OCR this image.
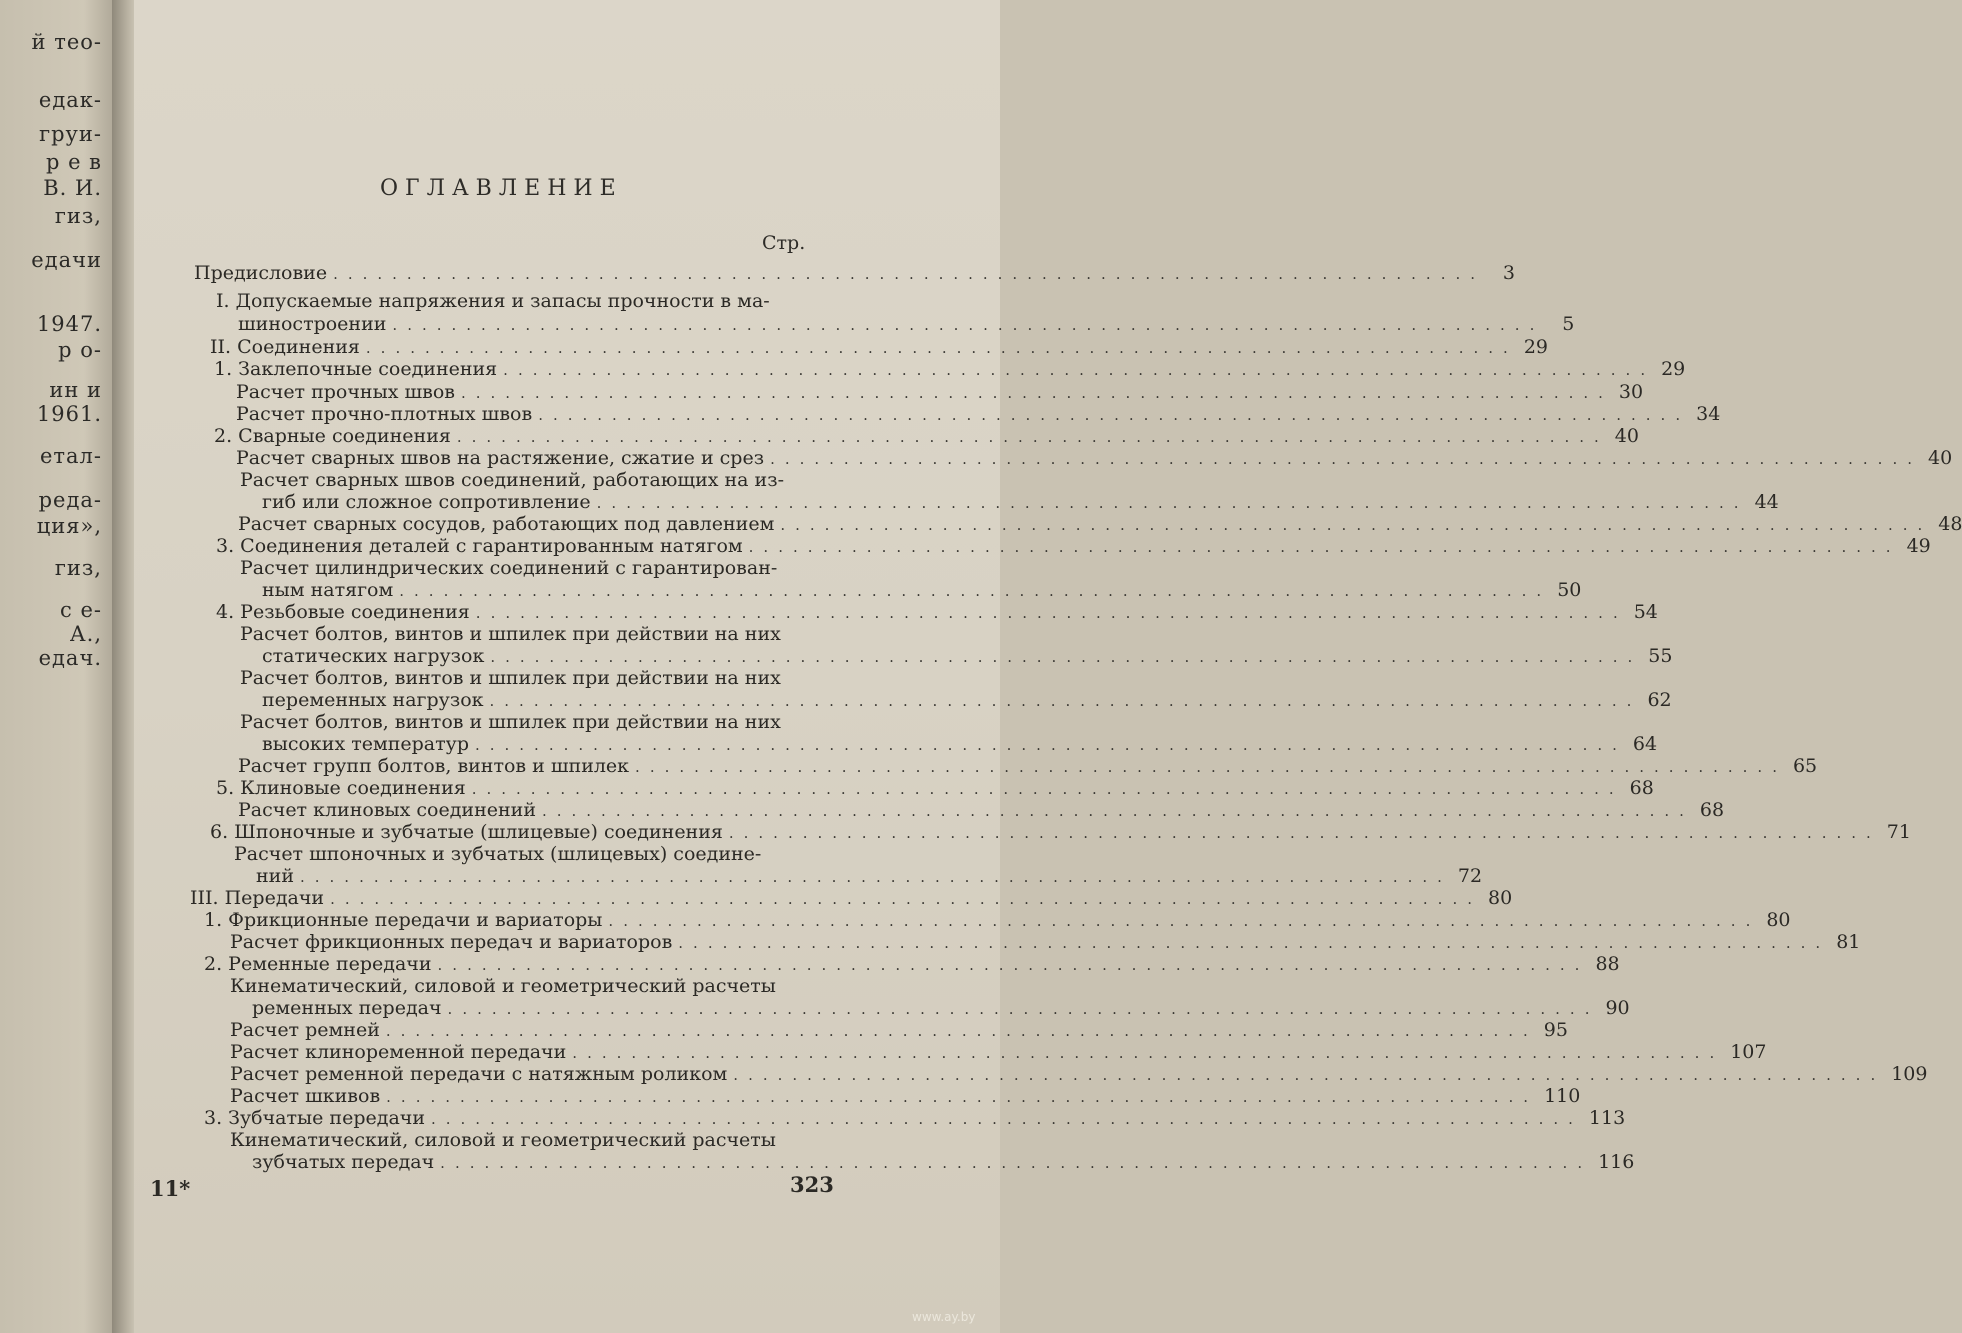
й тео-
едак-
груи-
р е в
В. И.
гиз,
едачи
1947.
р о-
ин и
1961.
етал-
реда-
ция»,
гиз,
с е-
А.,
едач.
ОГЛАВЛЕНИЕ
Стр.
Предисловие .............................................................................. 3
I. Допускаемые напряжения и запасы прочности в ма-
шиностроении .............................................................................. 5
II. Соединения .............................................................................. 29
1. Заклепочные соединения .............................................................................. 29
Расчет прочных швов .............................................................................. 30
Расчет прочно-плотных швов .............................................................................. 34
2. Сварные соединения .............................................................................. 40
Расчет сварных швов на растяжение, сжатие и срез .............................................................................. 40
Расчет сварных швов соединений, работающих на из-
гиб или сложное сопротивление .............................................................................. 44
Расчет сварных сосудов, работающих под давлением .............................................................................. 48
3. Соединения деталей с гарантированным натягом .............................................................................. 49
Расчет цилиндрических соединений с гарантирован-
ным натягом .............................................................................. 50
4. Резьбовые соединения .............................................................................. 54
Расчет болтов, винтов и шпилек при действии на них
статических нагрузок .............................................................................. 55
Расчет болтов, винтов и шпилек при действии на них
переменных нагрузок .............................................................................. 62
Расчет болтов, винтов и шпилек при действии на них
высоких температур .............................................................................. 64
Расчет групп болтов, винтов и шпилек .............................................................................. 65
5. Клиновые соединения .............................................................................. 68
Расчет клиновых соединений .............................................................................. 68
6. Шпоночные и зубчатые (шлицевые) соединения .............................................................................. 71
Расчет шпоночных и зубчатых (шлицевых) соедине-
ний .............................................................................. 72
III. Передачи .............................................................................. 80
1. Фрикционные передачи и вариаторы .............................................................................. 80
Расчет фрикционных передач и вариаторов .............................................................................. 81
2. Ременные передачи .............................................................................. 88
Кинематический, силовой и геометрический расчеты
ременных передач .............................................................................. 90
Расчет ремней .............................................................................. 95
Расчет клиноременной передачи .............................................................................. 107
Расчет ременной передачи с натяжным роликом .............................................................................. 109
Расчет шкивов .............................................................................. 110
3. Зубчатые передачи .............................................................................. 113
Кинематический, силовой и геометрический расчеты
зубчатых передач .............................................................................. 116
11*	323
www.ay.by
